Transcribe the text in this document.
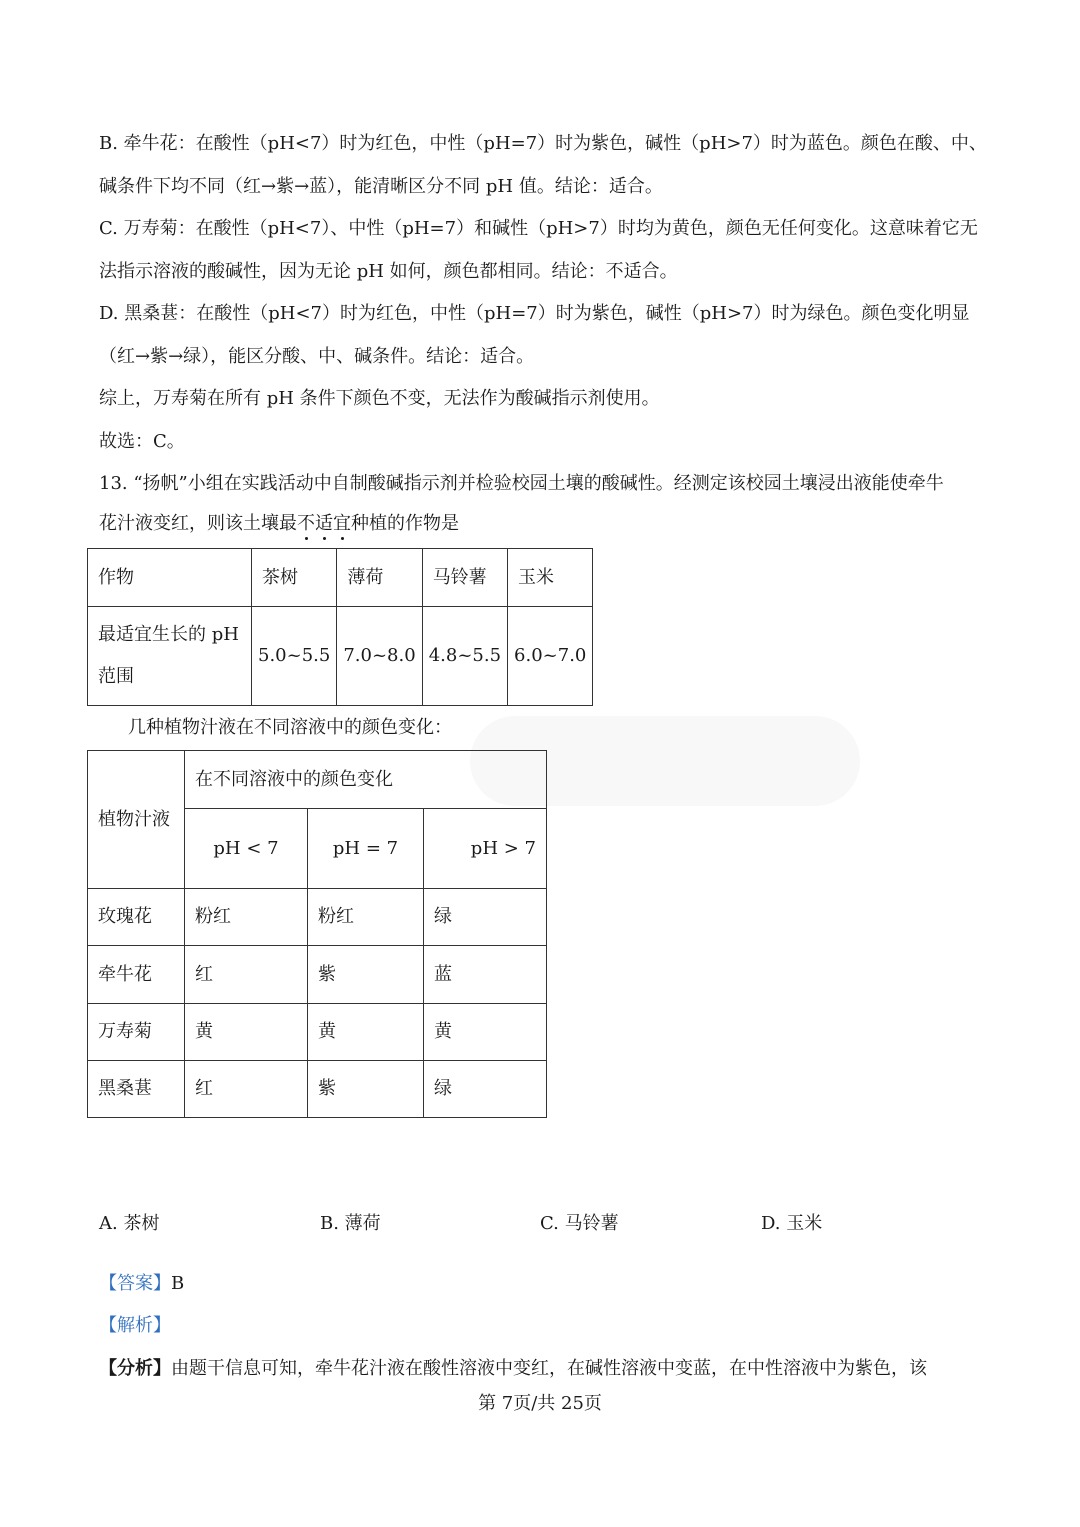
B. 牵牛花：在酸性（pH<7）时为红色，中性（pH=7）时为紫色，碱性（pH>7）时为蓝色。颜色在酸、中、

碱条件下均不同（红→紫→蓝），能清晰区分不同 pH 值。结论：适合。

C. 万寿菊：在酸性（pH<7）、中性（pH=7）和碱性（pH>7）时均为黄色，颜色无任何变化。这意味着它无

法指示溶液的酸碱性，因为无论 pH 如何，颜色都相同。结论：不适合。

D. 黑桑葚：在酸性（pH<7）时为红色，中性（pH=7）时为紫色，碱性（pH>7）时为绿色。颜色变化明显

（红→紫→绿），能区分酸、中、碱条件。结论：适合。

综上，万寿菊在所有 pH 条件下颜色不变，无法作为酸碱指示剂使用。

故选：C。

13. “扬帆”小组在实践活动中自制酸碱指示剂并检验校园土壤的酸碱性。经测定该校园土壤浸出液能使牵牛

花汁液变红，则该土壤最不适宜种植的作物是

作物	茶树	薄荷	马铃薯	玉米
最适宜生长的 pH
范围	5.0~5.5	7.0~8.0	4.8~5.5	6.0~7.0

几种植物汁液在不同溶液中的颜色变化：

植物汁液	在不同溶液中的颜色变化		
	pH < 7	pH = 7	pH > 7
玫瑰花	粉红	粉红	绿
牵牛花	红	紫	蓝
万寿菊	黄	黄	黄
黑桑葚	红	紫	绿
A. 茶树	B. 薄荷	C. 马铃薯	D. 玉米

【答案】B

【解析】

【分析】由题干信息可知，牵牛花汁液在酸性溶液中变红，在碱性溶液中变蓝，在中性溶液中为紫色，该

第 7页/共 25页
